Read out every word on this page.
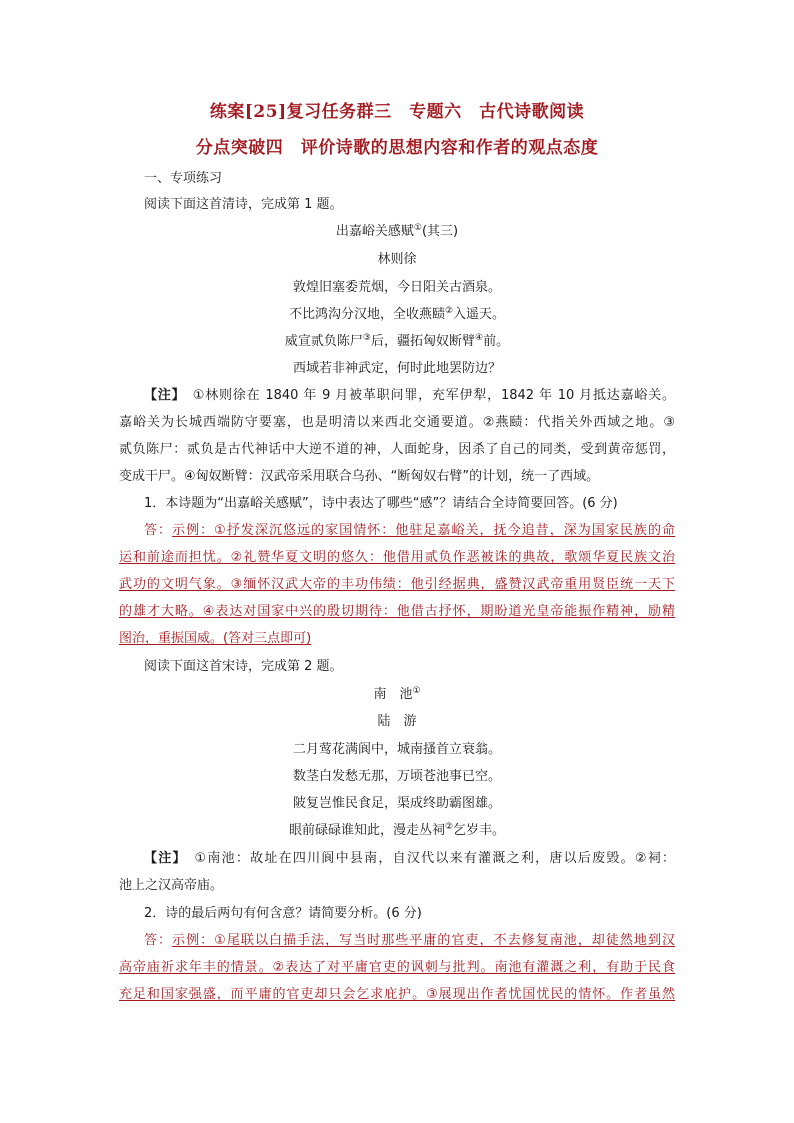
练案[25]复习任务群三　专题六　古代诗歌阅读
分点突破四　评价诗歌的思想内容和作者的观点态度
一、专项练习
阅读下面这首清诗，完成第 1 题。
出嘉峪关感赋①(其三)
林则徐
敦煌旧塞委荒烟，今日阳关古酒泉。
不比鸿沟分汉地，全收燕赜②入遥天。
威宣贰负陈尸③后，疆拓匈奴断臂④前。
西域若非神武定，何时此地罢防边？
【注】　 ①林则徐在 1840 年 9 月被革职问罪，充军伊犁，1842 年 10 月抵达嘉峪关。
嘉峪关为长城西端防守要塞，也是明清以来西北交通要道。②燕赜：代指关外西域之地。③
贰负陈尸：贰负是古代神话中大逆不道的神，人面蛇身，因杀了自己的同类，受到黄帝惩罚，
变成干尸。④匈奴断臂：汉武帝采用联合乌孙、“断匈奴右臂”的计划，统一了西域。
1．本诗题为“出嘉峪关感赋”，诗中表达了哪些“感”？请结合全诗简要回答。(6 分)
答：示例：①抒发深沉悠远的家国情怀：他驻足嘉峪关，抚今追昔，深为国家民族的命
运和前途而担忧。②礼赞华夏文明的悠久：他借用贰负作恶被诛的典故，歌颂华夏民族文治
武功的文明气象。③缅怀汉武大帝的丰功伟绩：他引经据典，盛赞汉武帝重用贤臣统一天下
的雄才大略。④表达对国家中兴的殷切期待：他借古抒怀，期盼道光皇帝能振作精神，励精
图治，重振国威。(答对三点即可)
阅读下面这首宋诗，完成第 2 题。
南　池①
陆　游
二月莺花满阆中，城南搔首立衰翁。
数茎白发愁无那，万顷苍池事已空。
陂复岂惟民食足，渠成终助霸图雄。
眼前碌碌谁知此，漫走丛祠②乞岁丰。
【注】　 ①南池：故址在四川阆中县南，自汉代以来有灌溉之利，唐以后废毁。②祠：
池上之汉高帝庙。
2．诗的最后两句有何含意？请简要分析。(6 分)
答：示例：①尾联以白描手法，写当时那些平庸的官吏，不去修复南池，却徒然地到汉
高帝庙祈求年丰的情景。②表达了对平庸官吏的讽刺与批判。南池有灌溉之利，有助于民食
充足和国家强盛，而平庸的官吏却只会乞求庇护。③展现出作者忧国忧民的情怀。作者虽然
